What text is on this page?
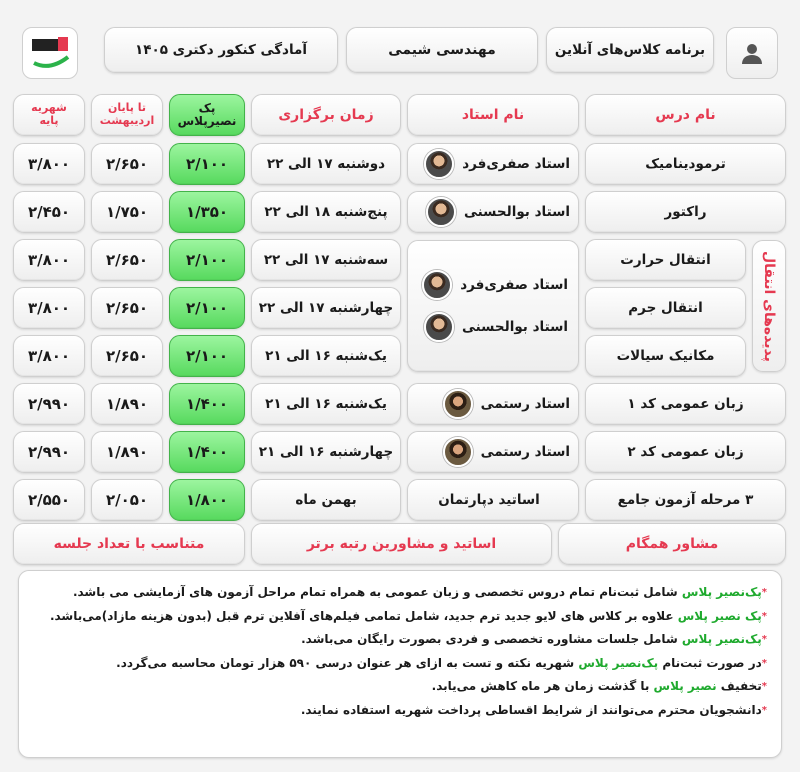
برنامه کلاس‌های آنلاین
مهندسی شیمی
آمادگی کنکور دکتری ۱۴۰۵
نام درس
نام استاد
زمان برگزاری
پک
نصیرپلاس
تا پایان
اردیبهشت
شهریه
پایه
پدیده‌های انتقال
استاد صفری‌فرد
استاد بوالحسنی
ترمودینامیک
استاد صفری‌فرد
دوشنبه ۱۷ الی ۲۲
۲/۱۰۰
۲/۶۵۰
۳/۸۰۰
راکتور
استاد بوالحسنی
پنج‌شنبه ۱۸ الی ۲۲
۱/۳۵۰
۱/۷۵۰
۲/۴۵۰
انتقال حرارت
سه‌شنبه ۱۷ الی ۲۲
۲/۱۰۰
۲/۶۵۰
۳/۸۰۰
انتقال جرم
چهارشنبه ۱۷ الی ۲۲
۲/۱۰۰
۲/۶۵۰
۳/۸۰۰
مکانیک سیالات
یک‌شنبه ۱۶ الی ۲۱
۲/۱۰۰
۲/۶۵۰
۳/۸۰۰
زبان عمومی کد ۱
استاد رستمی
یک‌شنبه ۱۶ الی ۲۱
۱/۴۰۰
۱/۸۹۰
۲/۹۹۰
زبان عمومی کد ۲
استاد رستمی
چهارشنبه ۱۶ الی ۲۱
۱/۴۰۰
۱/۸۹۰
۲/۹۹۰
۳ مرحله آزمون جامع
اساتید دپارتمان
بهمن ماه
۱/۸۰۰
۲/۰۵۰
۲/۵۵۰
مشاور همگام
اساتید و مشاورین رتبه برتر
متناسب با تعداد جلسه
*پک‌نصیر پلاس شامل ثبت‌نام تمام دروس تخصصی و زبان عمومی به همراه تمام مراحل آزمون های آزمایشی می باشد.
*پک نصیر پلاس علاوه بر کلاس های لایو جدید ترم جدید، شامل تمامی فیلم‌های آفلاین ترم قبل (بدون هزینه مازاد)می‌باشد.
*پک‌نصیر پلاس شامل جلسات مشاوره تخصصی و فردی بصورت رایگان می‌باشد.
*در صورت ثبت‌نام پک‌نصیر پلاس شهریه نکته و تست به ازای هر عنوان درسی ۵۹۰ هزار تومان محاسبه می‌گردد.
*تخفیف نصیر پلاس با گذشت زمان هر ماه کاهش می‌یابد.
*دانشجویان محترم می‌توانند از شرایط اقساطی پرداخت شهریه استفاده نمایند.
